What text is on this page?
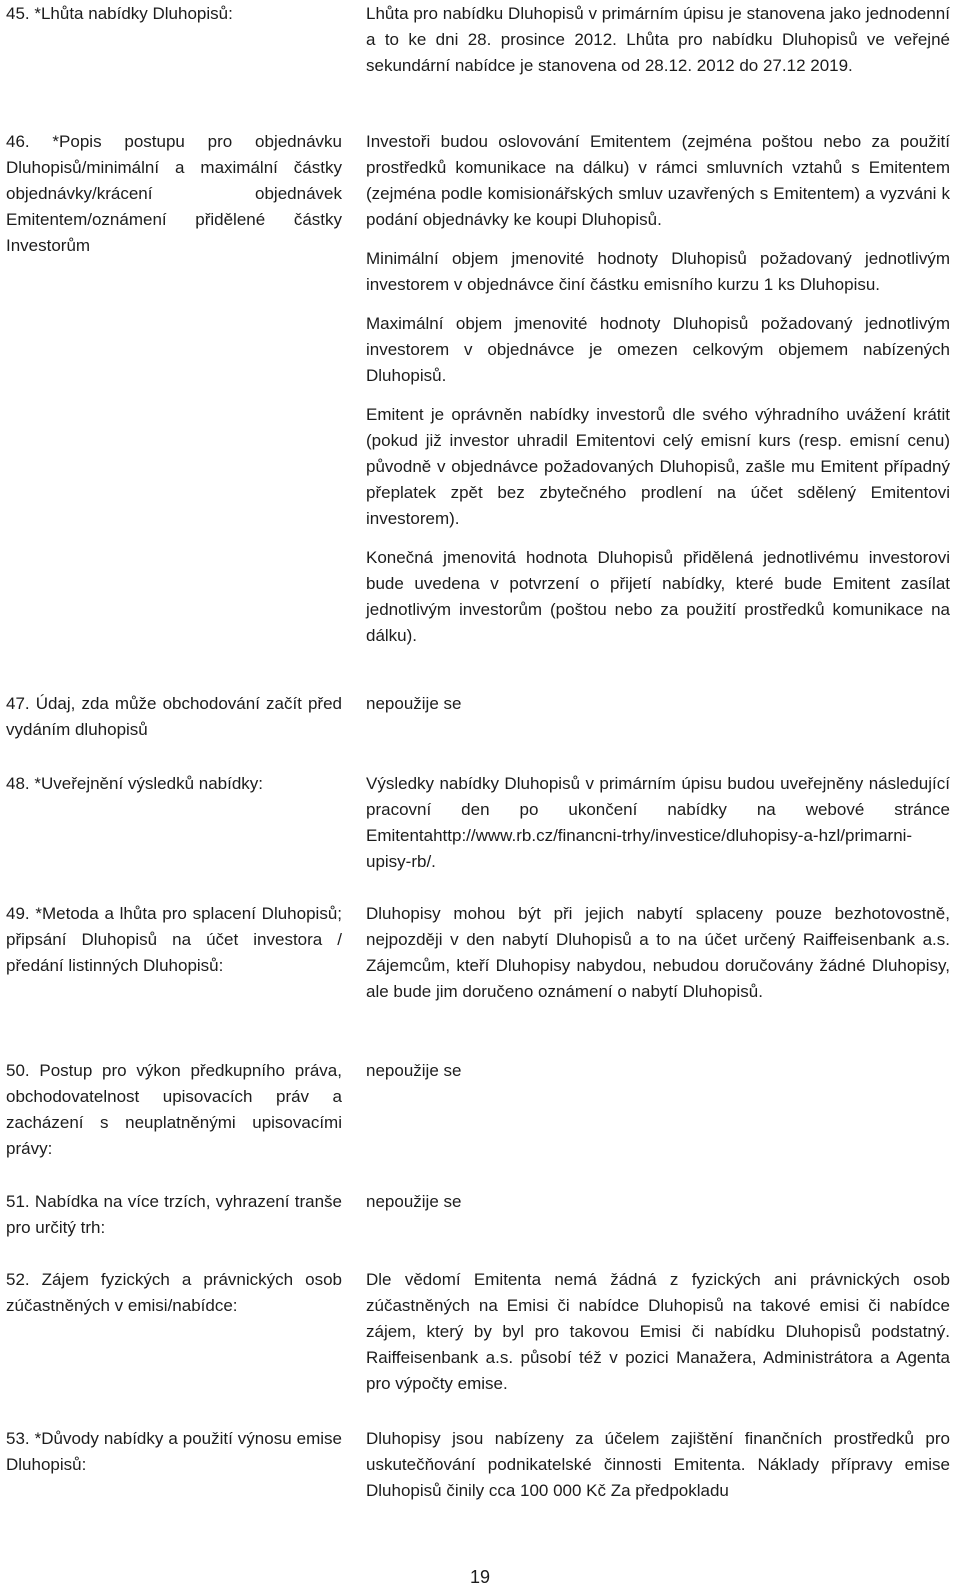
45. *Lhůta nabídky Dluhopisů:	Lhůta pro nabídku Dluhopisů v primárním úpisu je stanovena jako jednodenní a to ke dni 28. prosince 2012. Lhůta pro nabídku Dluhopisů ve veřejné sekundární nabídce je stanovena od 28.12. 2012 do 27.12 2019.

46. *Popis postupu pro objednávku Dluhopisů/minimální a maximální částky objednávky/krácení objednávek Emitentem/oznámení přidělené částky Investorům

Investoři budou oslovování Emitentem (zejména poštou nebo za použití prostředků komunikace na dálku) v rámci smluvních vztahů s Emitentem (zejména podle komisionářských smluv uzavřených s Emitentem) a vyzváni k podání objednávky ke koupi Dluhopisů.

Minimální objem jmenovité hodnoty Dluhopisů požadovaný jednotlivým investorem v objednávce činí částku emisního kurzu 1 ks Dluhopisu.

Maximální objem jmenovité hodnoty Dluhopisů požadovaný jednotlivým investorem v objednávce je omezen celkovým objemem nabízených Dluhopisů.

Emitent je oprávněn nabídky investorů dle svého výhradního uvážení krátit (pokud již investor uhradil Emitentovi celý emisní kurs (resp. emisní cenu) původně v objednávce požadovaných Dluhopisů, zašle mu Emitent případný přeplatek zpět bez zbytečného prodlení na účet sdělený Emitentovi investorem).

Konečná jmenovitá hodnota Dluhopisů přidělená jednotlivému investorovi bude uvedena v potvrzení o přijetí nabídky, které bude Emitent zasílat jednotlivým investorům (poštou nebo za použití prostředků komunikace na dálku).

47. Údaj, zda může obchodování začít před vydáním dluhopisů

nepoužije se

48. *Uveřejnění výsledků nabídky:	Výsledky nabídky Dluhopisů v primárním úpisu budou uveřejněny následující pracovní den po ukončení nabídky na webové stránce Emitentahttp://www.rb.cz/financni-trhy/investice/dluhopisy-a-hzl/primarni-upisy-rb/.

49. *Metoda a lhůta pro splacení Dluhopisů; připsání Dluhopisů na účet investora / předání listinných Dluhopisů:

Dluhopisy mohou být při jejich nabytí splaceny pouze bezhotovostně, nejpozději v den nabytí Dluhopisů a to na účet určený Raiffeisenbank a.s. Zájemcům, kteří Dluhopisy nabydou, nebudou doručovány žádné Dluhopisy, ale bude jim doručeno oznámení o nabytí Dluhopisů.

50. Postup pro výkon předkupního práva, obchodovatelnost upisovacích práv a zacházení s neuplatněnými upisovacími právy:

nepoužije se

51. Nabídka na více trzích, vyhrazení tranše pro určitý trh:

nepoužije se

52. Zájem fyzických a právnických osob zúčastněných v emisi/nabídce:

Dle vědomí Emitenta nemá žádná z fyzických ani právnických osob zúčastněných na Emisi či nabídce Dluhopisů na takové emisi či nabídce zájem, který by byl pro takovou Emisi či nabídku Dluhopisů podstatný. Raiffeisenbank a.s. působí též v pozici Manažera, Administrátora a Agenta pro výpočty emise.

53. *Důvody nabídky a použití výnosu emise Dluhopisů:

Dluhopisy jsou nabízeny za účelem zajištění finančních prostředků pro uskutečňování podnikatelské činnosti Emitenta. Náklady přípravy emise Dluhopisů činily cca 100 000 Kč Za předpokladu

19
